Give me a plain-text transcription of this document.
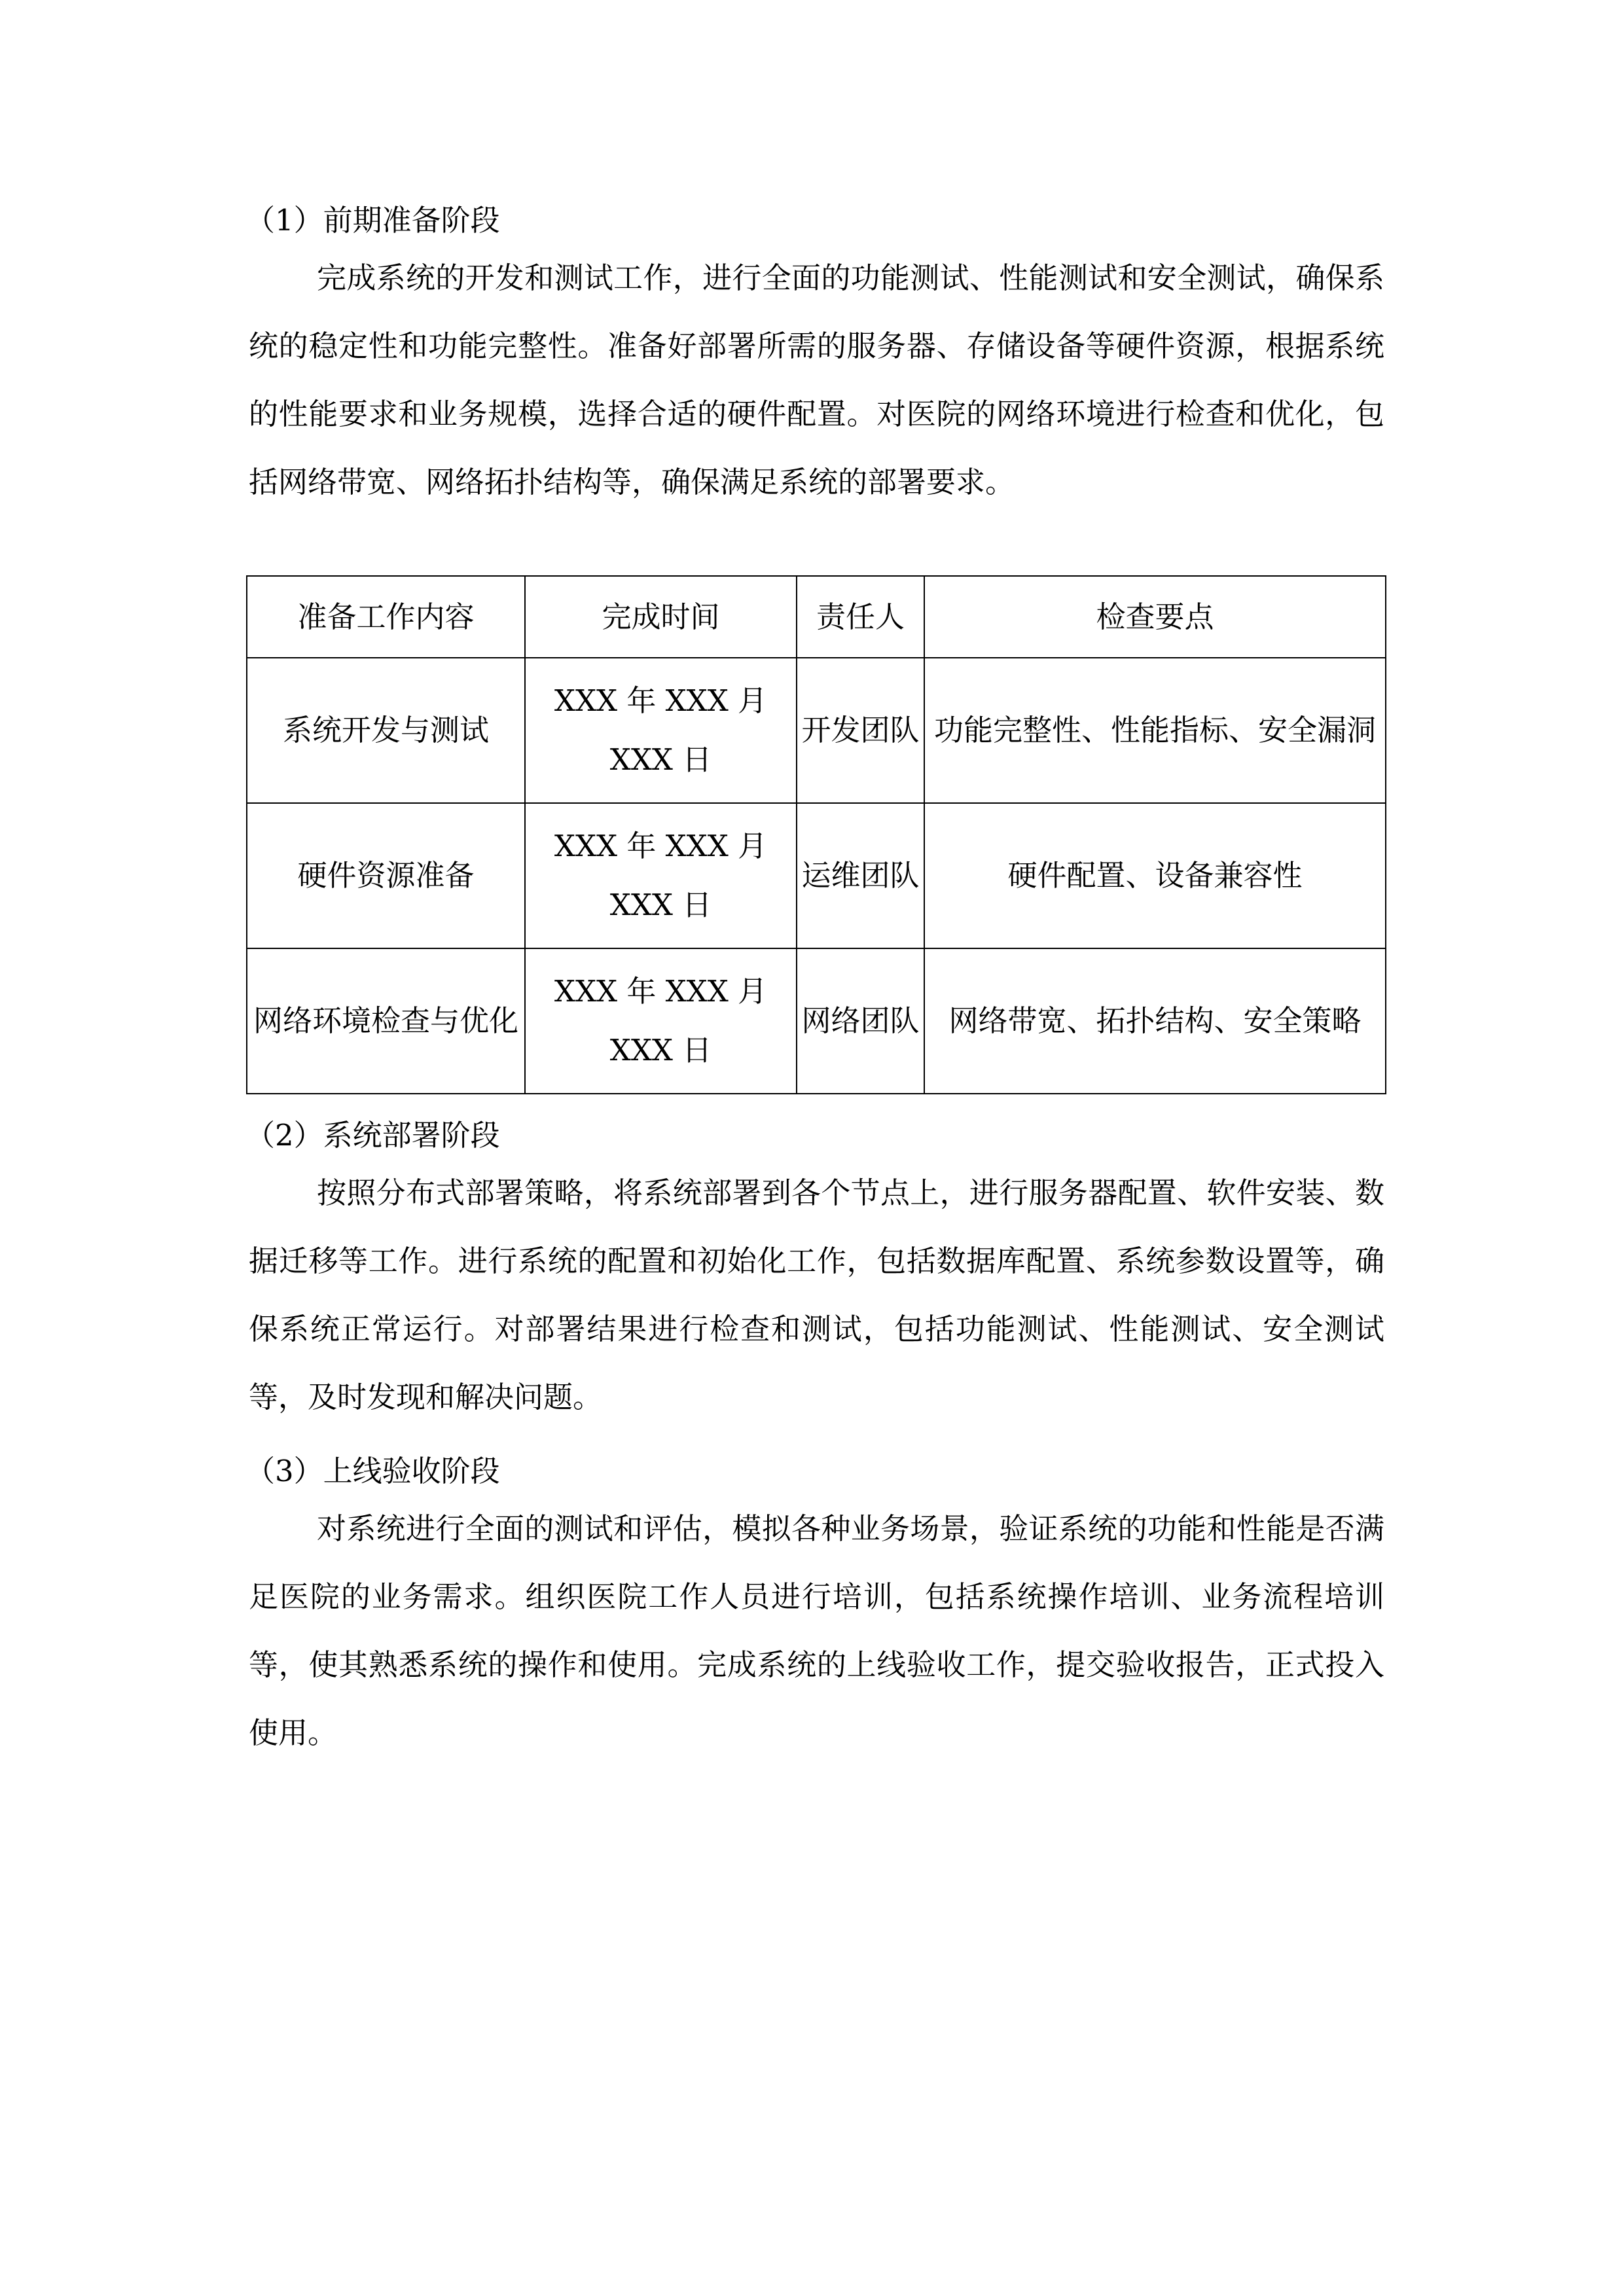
（1）前期准备阶段

完成系统的开发和测试工作，进行全面的功能测试、性能测试和安全测试，确保系统的稳定性和功能完整性。准备好部署所需的服务器、存储设备等硬件资源，根据系统的性能要求和业务规模，选择合适的硬件配置。对医院的网络环境进行检查和优化，包括网络带宽、网络拓扑结构等，确保满足系统的部署要求。

准备工作内容	完成时间	责任人	检查要点
系统开发与测试	XXX 年 XXX 月 XXX 日	开发团队	功能完整性、性能指标、安全漏洞
硬件资源准备	XXX 年 XXX 月 XXX 日	运维团队	硬件配置、设备兼容性
网络环境检查与优化	XXX 年 XXX 月 XXX 日	网络团队	网络带宽、拓扑结构、安全策略
（2）系统部署阶段

按照分布式部署策略，将系统部署到各个节点上，进行服务器配置、软件安装、数据迁移等工作。进行系统的配置和初始化工作，包括数据库配置、系统参数设置等，确保系统正常运行。对部署结果进行检查和测试，包括功能测试、性能测试、安全测试等，及时发现和解决问题。

（3）上线验收阶段

对系统进行全面的测试和评估，模拟各种业务场景，验证系统的功能和性能是否满足医院的业务需求。组织医院工作人员进行培训，包括系统操作培训、业务流程培训等，使其熟悉系统的操作和使用。完成系统的上线验收工作，提交验收报告，正式投入使用。
